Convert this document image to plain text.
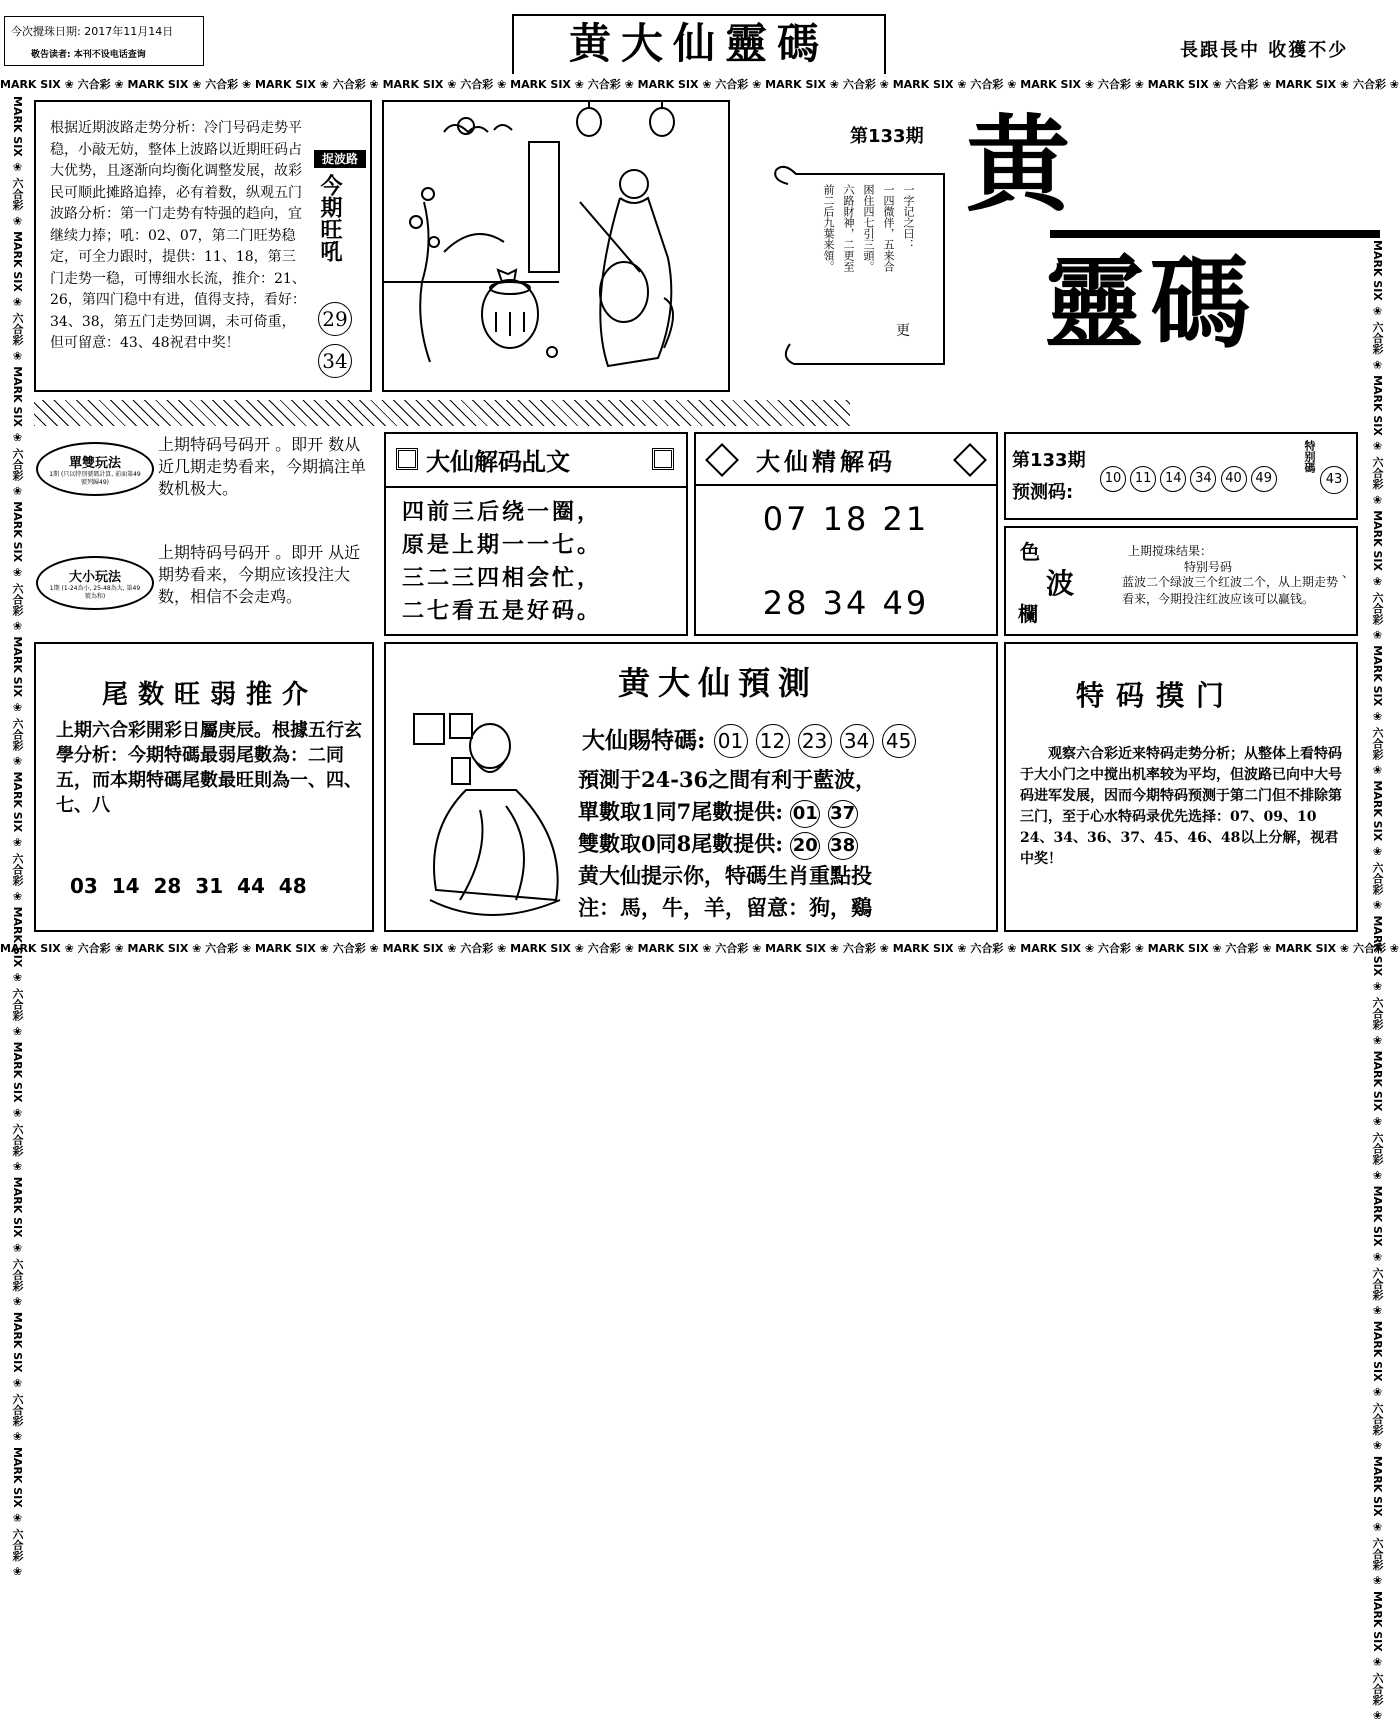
今次攪珠日期: 2017年11月14日
敬告读者: 本刊不设电话查询	黄大仙靈碼	長跟長中 收獲不少
MARK SIX ❀ 六合彩 ❀ MARK SIX ❀ 六合彩 ❀ MARK SIX ❀ 六合彩 ❀ MARK SIX ❀ 六合彩 ❀ MARK SIX ❀ 六合彩 ❀ MARK SIX ❀ 六合彩 ❀ MARK SIX ❀ 六合彩 ❀ MARK SIX ❀ 六合彩 ❀ MARK SIX ❀ 六合彩 ❀ MARK SIX ❀ 六合彩 ❀ MARK SIX ❀ 六合彩 ❀
MARK SIX ❀ 六合彩 ❀ MARK SIX ❀ 六合彩 ❀ MARK SIX ❀ 六合彩 ❀ MARK SIX ❀ 六合彩 ❀ MARK SIX ❀ 六合彩 ❀ MARK SIX ❀ 六合彩 ❀ MARK SIX ❀ 六合彩 ❀ MARK SIX ❀ 六合彩 ❀ MARK SIX ❀ 六合彩 ❀ MARK SIX ❀ 六合彩 ❀ MARK SIX ❀ 六合彩 ❀
MARK SIX ❀ 六合彩 ❀ MARK SIX ❀ 六合彩 ❀ MARK SIX ❀ 六合彩 ❀ MARK SIX ❀ 六合彩 ❀ MARK SIX ❀ 六合彩 ❀ MARK SIX ❀ 六合彩 ❀ MARK SIX ❀ 六合彩 ❀ MARK SIX ❀ 六合彩 ❀ MARK SIX ❀ 六合彩 ❀ MARK SIX ❀ 六合彩 ❀ MARK SIX ❀ 六合彩 ❀	MARK SIX ❀ 六合彩 ❀ MARK SIX ❀ 六合彩 ❀ MARK SIX ❀ 六合彩 ❀ MARK SIX ❀ 六合彩 ❀ MARK SIX ❀ 六合彩 ❀ MARK SIX ❀ 六合彩 ❀ MARK SIX ❀ 六合彩 ❀ MARK SIX ❀ 六合彩 ❀ MARK SIX ❀ 六合彩 ❀ MARK SIX ❀ 六合彩 ❀ MARK SIX ❀ 六合彩 ❀
根据近期波路走势分析：冷门号码走势平稳，小敲无妨，整体上波路以近期旺码占大优势，且逐渐向均衡化调整发展，故彩民可顺此摊路追捧，必有着数，纵观五门波路分析：第一门走势有特强的趋向，宜继续力捧；吼：02、07，第二门旺势稳定，可全力跟时，提供：11、18，第三门走势一稳，可博细水长流，推介：21、26，第四门稳中有进，值得支持，看好：34、38，第五门走势回调，未可倚重，但可留意：43、48祝君中奖！
捉波路
今期旺吼
29
34
第133期
一字记之曰：
一四微伴，五来合
困住四七引三頭。
六路財神，二更至
前二后九葉来領。
更
黄
靈碼
單雙玩法
1期 (只以特别號碼計算, 前面第49號列歸49)
上期特码号码开 。即开 数从近几期走势看来，今期搞注单数机极大。
大小玩法
1期 (1-24為小, 25-48為大, 第49號為和)
上期特码号码开 。即开 从近期势看来，今期应该投注大数，相信不会走鸡。
大仙解码乩文
四前三后绕一圈，
原是上期一一七。
三二三四相会忙，
二七看五是好码。
大仙精解码
07 18 21
28 34 49
第133期
预测码:
10 11 14 34 40 49
特别碼
43
色
波
欄
上期搅珠结果：
特别号码	、
蓝波二个绿波三个红波二个，从上期走势看来，今期投注红波应该可以赢钱。
尾数旺弱推介
上期六合彩開彩日屬庚辰。根據五行玄學分析：今期特碼最弱尾數為：二同五，而本期特碼尾數最旺則為一、四、七、八
03  14  28  31  44  48
黄大仙預測
大仙賜特碼: 01 12 23 34 45
預測于24-36之間有利于藍波，
單數取1同7尾數提供: 01 37
雙數取0同8尾數提供: 20 38
黄大仙提示你，特碼生肖重點投
注：馬，牛，羊，留意：狗，鷄
特码摸门
观察六合彩近来特码走势分析；从整体上看特码于大小门之中搅出机率较为平均，但波路已向中大号码进军发展，因而今期特码预测于第二门但不排除第三门，至于心水特码录优先选择：07、09、10 24、34、36、37、45、46、48以上分解，视君中奖！
